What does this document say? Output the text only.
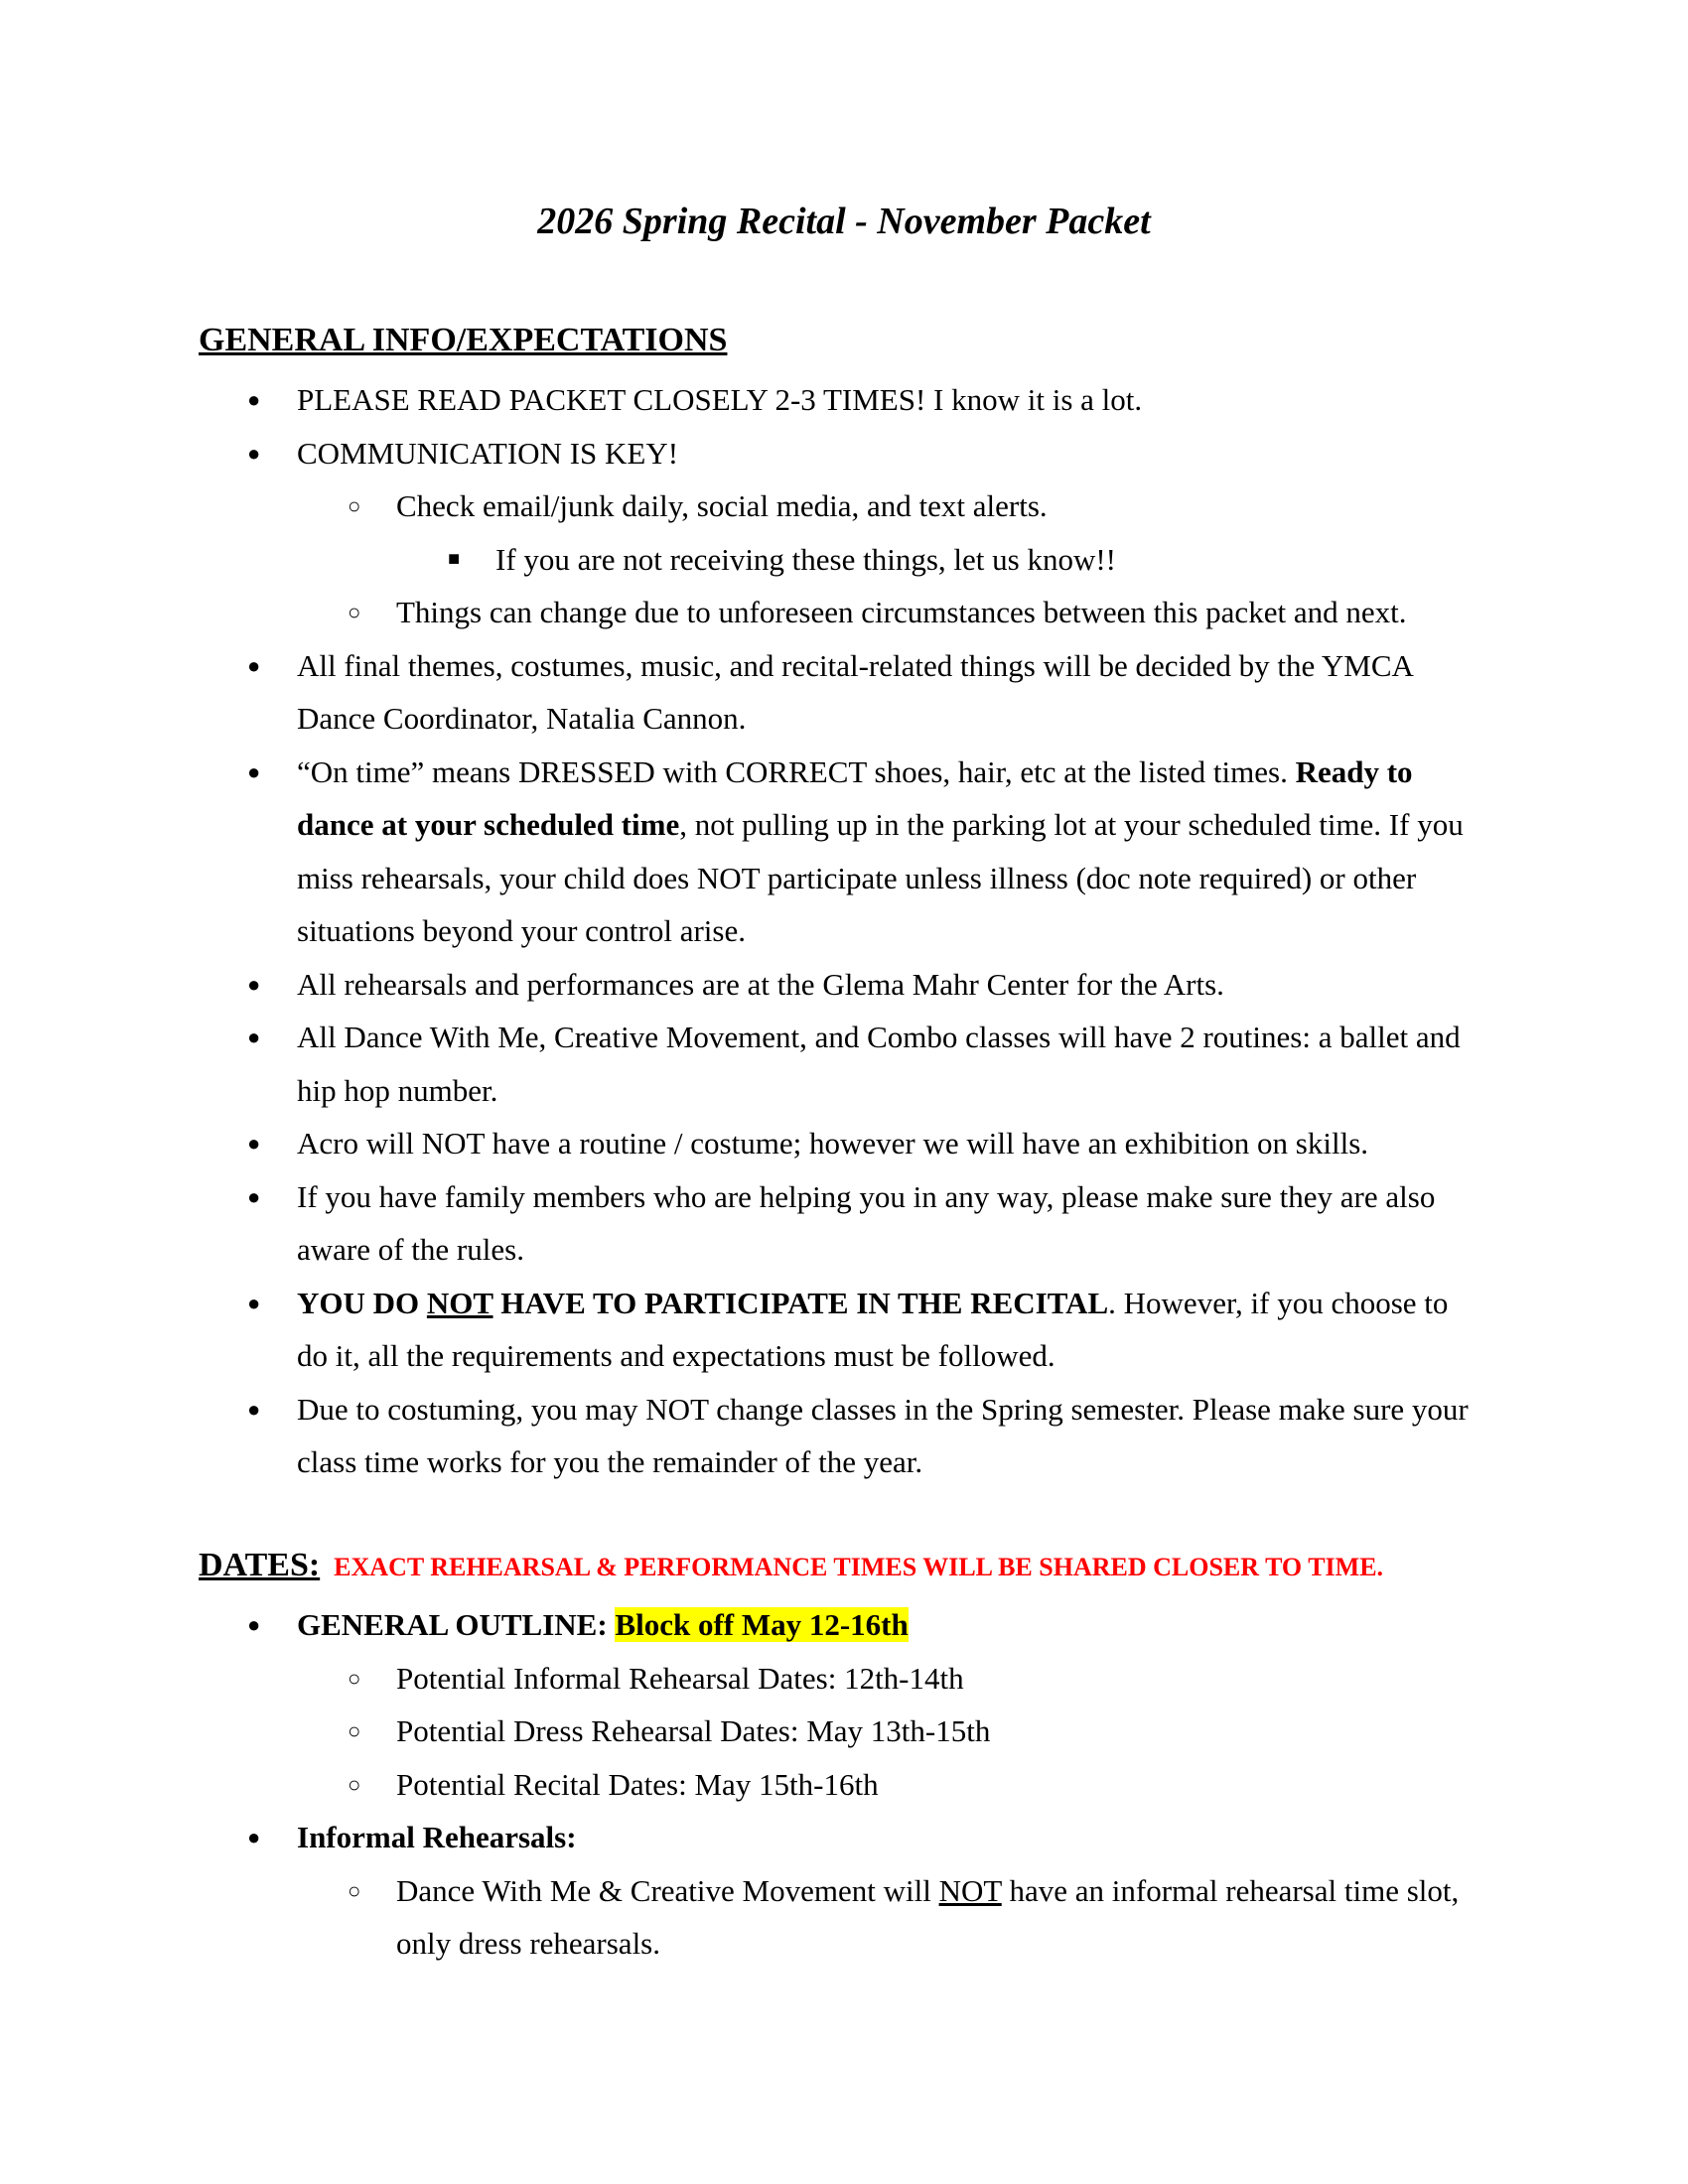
2026 Spring Recital - November Packet
GENERAL INFO/EXPECTATIONS
● PLEASE READ PACKET CLOSELY 2-3 TIMES! I know it is a lot.
● COMMUNICATION IS KEY!
○ Check email/junk daily, social media, and text alerts.
■ If you are not receiving these things, let us know!!
○ Things can change due to unforeseen circumstances between this packet and next.
● All final themes, costumes, music, and recital-related things will be decided by the YMCA Dance Coordinator, Natalia Cannon.
● “On time” means DRESSED with CORRECT shoes, hair, etc at the listed times. Ready to dance at your scheduled time, not pulling up in the parking lot at your scheduled time. If you miss rehearsals, your child does NOT participate unless illness (doc note required) or other situations beyond your control arise.
● All rehearsals and performances are at the Glema Mahr Center for the Arts.
● All Dance With Me, Creative Movement, and Combo classes will have 2 routines: a ballet and hip hop number.
● Acro will NOT have a routine / costume; however we will have an exhibition on skills.
● If you have family members who are helping you in any way, please make sure they are also aware of the rules.
● YOU DO NOT HAVE TO PARTICIPATE IN THE RECITAL. However, if you choose to do it, all the requirements and expectations must be followed.
● Due to costuming, you may NOT change classes in the Spring semester. Please make sure your class time works for you the remainder of the year.
DATES: EXACT REHEARSAL & PERFORMANCE TIMES WILL BE SHARED CLOSER TO TIME.
● GENERAL OUTLINE: Block off May 12-16th
○ Potential Informal Rehearsal Dates: 12th-14th
○ Potential Dress Rehearsal Dates: May 13th-15th
○ Potential Recital Dates: May 15th-16th
● Informal Rehearsals:
○ Dance With Me & Creative Movement will NOT have an informal rehearsal time slot, only dress rehearsals.
